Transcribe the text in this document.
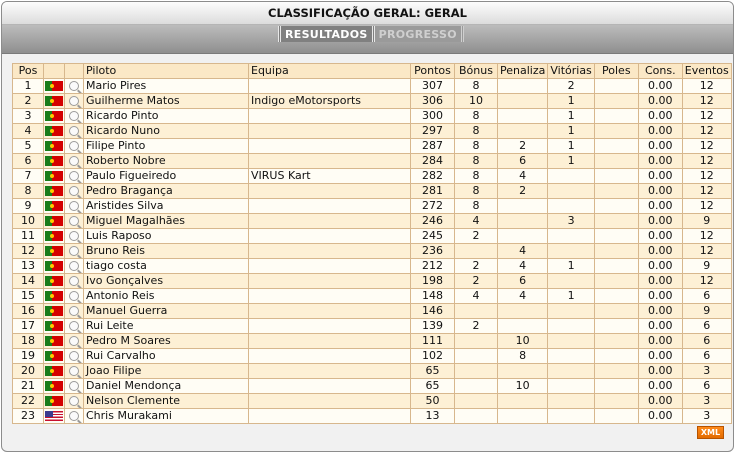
CLASSIFICAÇÃO GERAL: GERAL
RESULTADOS	PROGRESSO
Pos			Piloto	Equipa	Pontos	Bónus	Penaliza	Vitórias	Poles	Cons.	Eventos
1			Mario Pires		307	8		2		0.00	12
2			Guilherme Matos	Indigo eMotorsports	306	10		1		0.00	12
3			Ricardo Pinto		300	8		1		0.00	12
4			Ricardo Nuno		297	8		1		0.00	12
5			Filipe Pinto		287	8	2	1		0.00	12
6			Roberto Nobre		284	8	6	1		0.00	12
7			Paulo Figueiredo	VIRUS Kart	282	8	4			0.00	12
8			Pedro Bragança		281	8	2			0.00	12
9			Aristides Silva		272	8				0.00	12
10			Miguel Magalhães		246	4		3		0.00	9
11			Luis Raposo		245	2				0.00	12
12			Bruno Reis		236		4			0.00	12
13			tiago costa		212	2	4	1		0.00	9
14			Ivo Gonçalves		198	2	6			0.00	12
15			Antonio Reis		148	4	4	1		0.00	6
16			Manuel Guerra		146					0.00	9
17			Rui Leite		139	2				0.00	6
18			Pedro M Soares		111		10			0.00	6
19			Rui Carvalho		102		8			0.00	6
20			Joao Filipe		65					0.00	3
21			Daniel Mendonça		65		10			0.00	6
22			Nelson Clemente		50					0.00	3
23			Chris Murakami		13					0.00	3
XML
